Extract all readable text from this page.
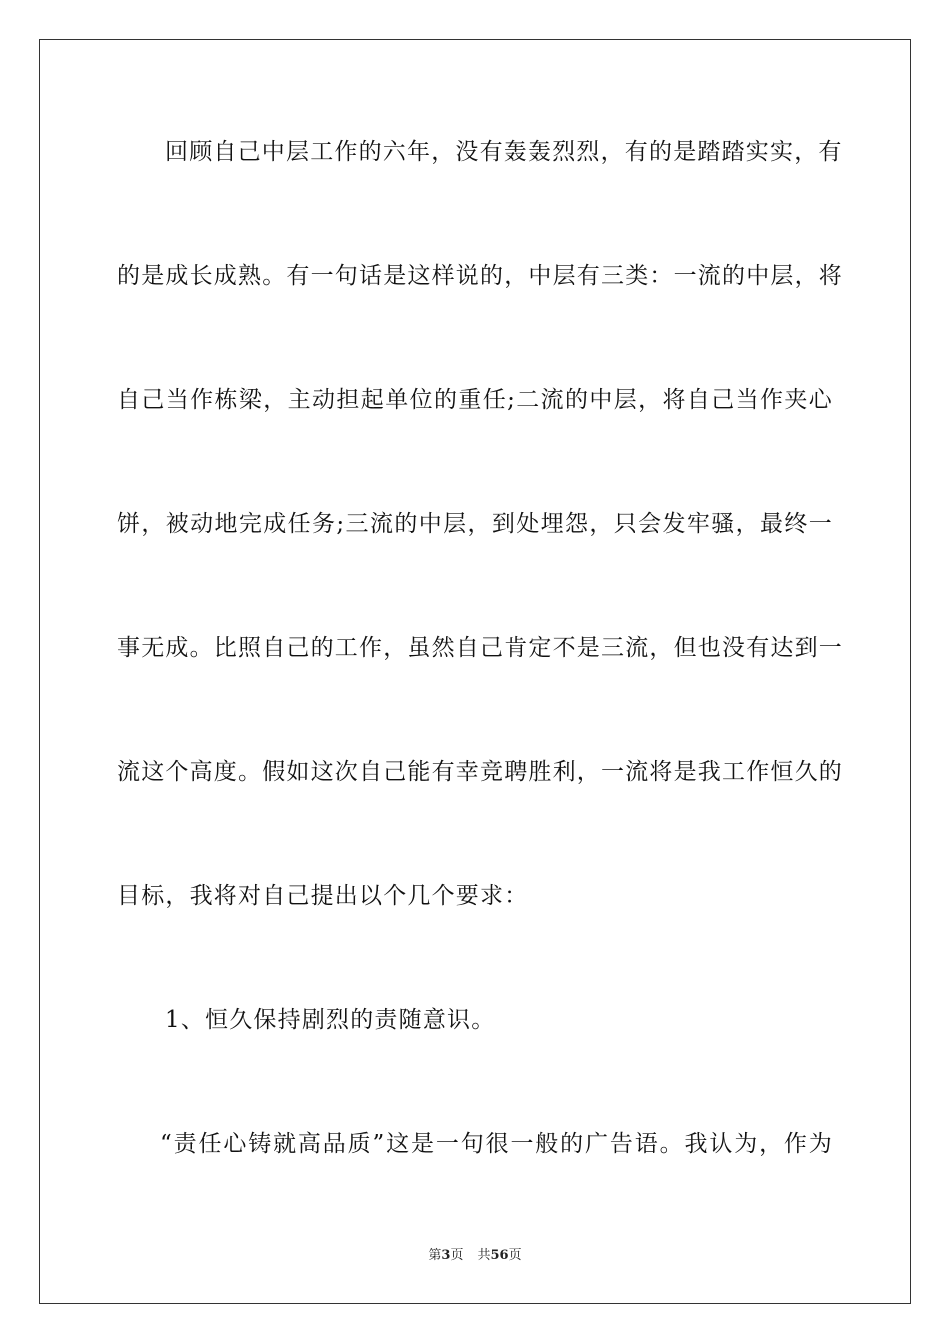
回顾自己中层工作的六年，没有轰轰烈烈，有的是踏踏实实，有
的是成长成熟。有一句话是这样说的，中层有三类：一流的中层，将
自己当作栋梁，主动担起单位的重任;二流的中层，将自己当作夹心
饼，被动地完成任务;三流的中层，到处埋怨，只会发牢骚，最终一
事无成。比照自己的工作，虽然自己肯定不是三流，但也没有达到一
流这个高度。假如这次自己能有幸竞聘胜利，一流将是我工作恒久的
目标，我将对自己提出以个几个要求：
1、恒久保持剧烈的责随意识。
“责任心铸就高品质”这是一句很一般的广告语。我认为，作为
第3页 共56页
